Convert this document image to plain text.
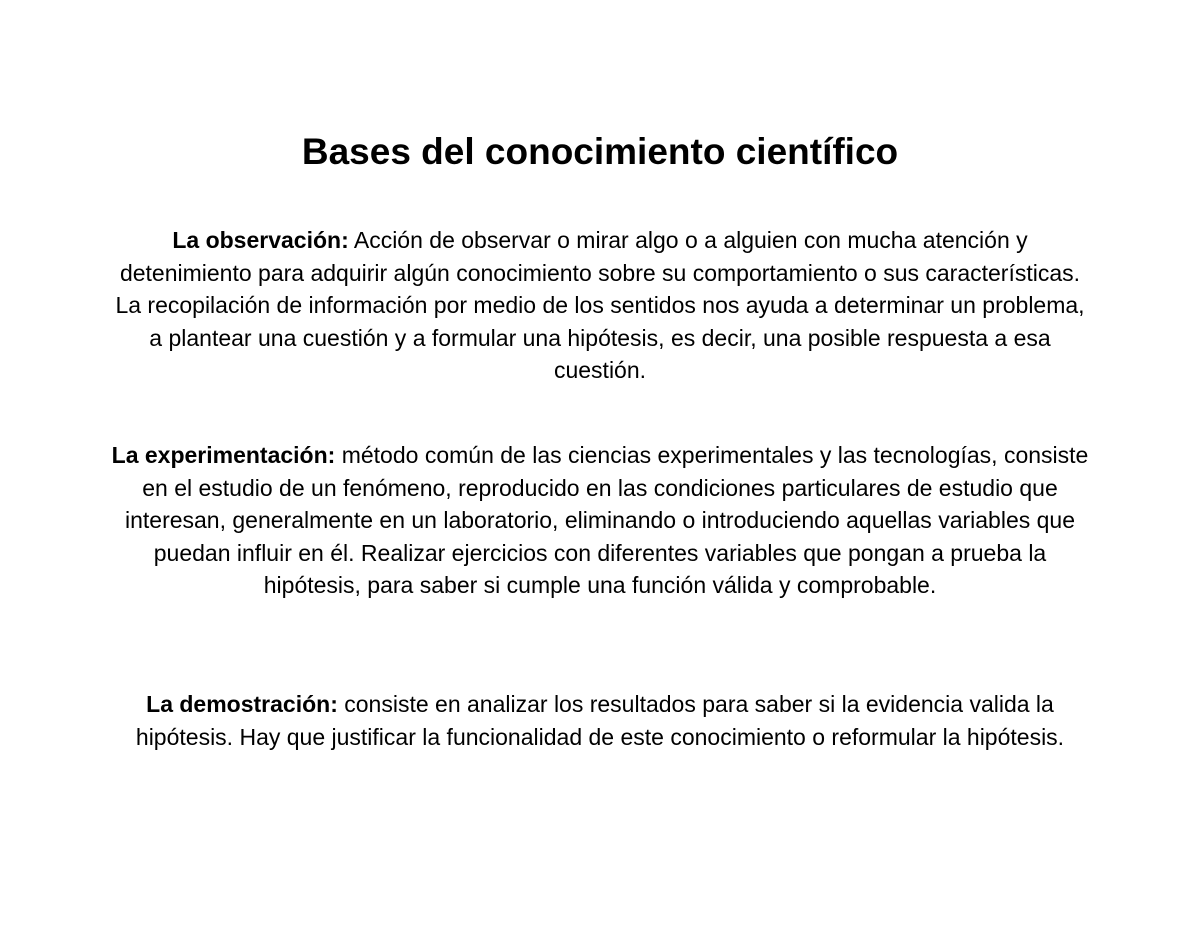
Bases del conocimiento científico

La observación: Acción de observar o mirar algo o a alguien con mucha atención y detenimiento para adquirir algún conocimiento sobre su comportamiento o sus características. La recopilación de información por medio de los sentidos nos ayuda a determinar un problema, a plantear una cuestión y a formular una hipótesis, es decir, una posible respuesta a esa cuestión.

La experimentación: método común de las ciencias experimentales y las tecnologías, consiste en el estudio de un fenómeno, reproducido en las condiciones particulares de estudio que interesan, generalmente en un laboratorio, eliminando o introduciendo aquellas variables que puedan influir en él. Realizar ejercicios con diferentes variables que pongan a prueba la hipótesis, para saber si cumple una función válida y comprobable.

La demostración: consiste en analizar los resultados para saber si la evidencia valida la hipótesis. Hay que justificar la funcionalidad de este conocimiento o reformular la hipótesis.
